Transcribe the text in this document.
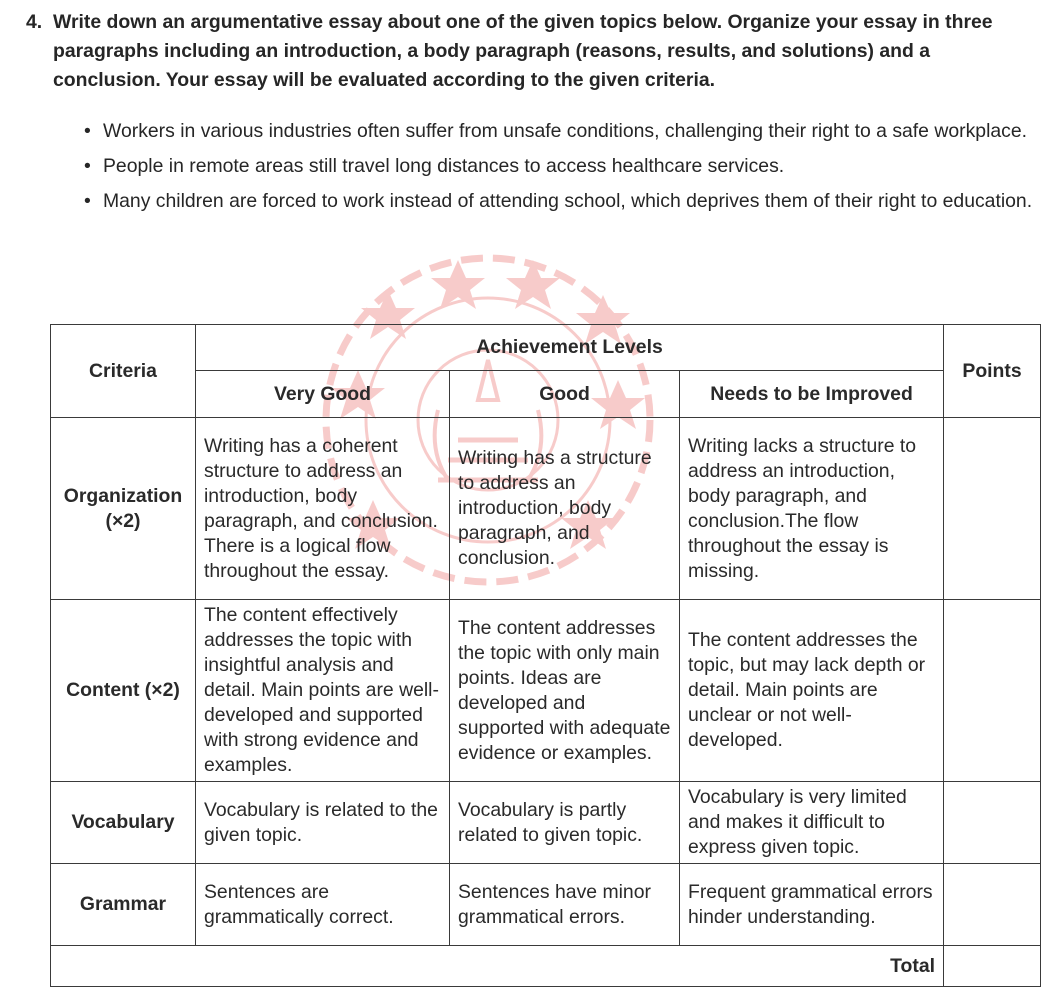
4. Write down an argumentative essay about one of the given topics below. Organize your essay in three paragraphs including an introduction, a body paragraph (reasons, results, and solutions) and a conclusion. Your essay will be evaluated according to the given criteria.
• Workers in various industries often suffer from unsafe conditions, challenging their right to a safe workplace.
• People in remote areas still travel long distances to access healthcare services.
• Many children are forced to work instead of attending school, which deprives them of their right to education.
Criteria	Achievement Levels			Points
	Very Good	Good	Needs to be Improved	
Organization (×2)	Writing has a coherent structure to address an introduction, body paragraph, and conclusion. There is a logical flow throughout the essay.	Writing has a structure to address an introduction, body paragraph, and conclusion.	Writing lacks a structure to address an introduction, body paragraph, and conclusion.The flow throughout the essay is missing.	
Content (×2)	The content effectively addresses the topic with insightful analysis and detail. Main points are well-developed and supported with strong evidence and examples.	The content addresses the topic with only main points. Ideas are developed and supported with adequate evidence or examples.	The content addresses the topic, but may lack depth or detail. Main points are unclear or not well-developed.	
Vocabulary	Vocabulary is related to the given topic.	Vocabulary is partly related to given topic.	Vocabulary is very limited and makes it difficult to express given topic.	
Grammar	Sentences are grammatically correct.	Sentences have minor grammatical errors.	Frequent grammatical errors hinder understanding.	
Total				
